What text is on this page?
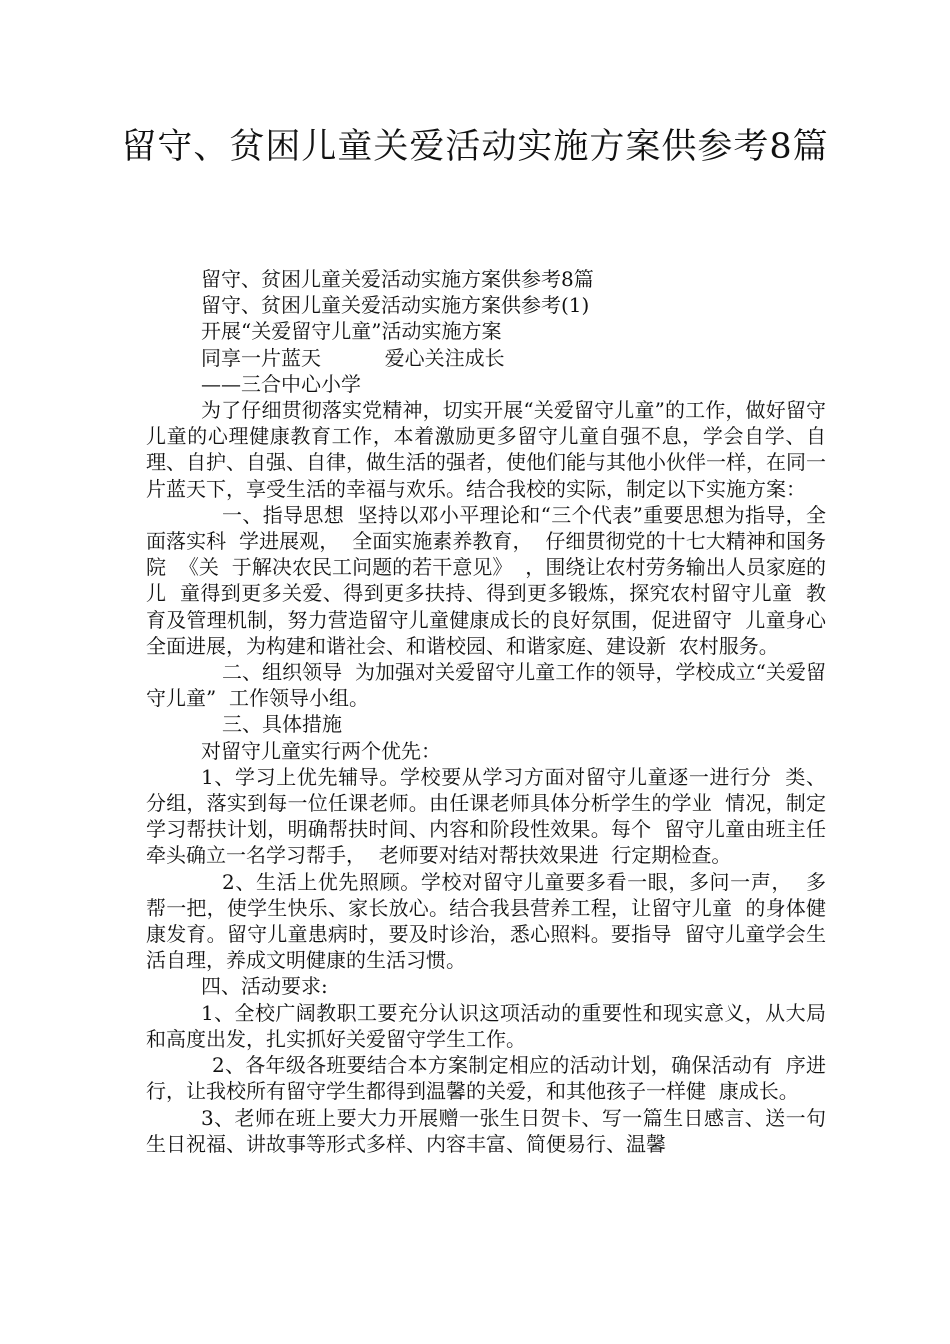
留守、贫困儿童关爱活动实施方案供参考8篇

留守、贫困儿童关爱活动实施方案供参考8篇

留守、贫困儿童关爱活动实施方案供参考(1)

开展“关爱留守儿童”活动实施方案

同享一片蓝天          爱心关注成长

——三合中心小学

为了仔细贯彻落实党精神，切实开展“关爱留守儿童”的工作，做好留守儿童的心理健康教育工作，本着激励更多留守儿童自强不息，学会自学、自理、自护、自强、自律，做生活的强者，使他们能与其他小伙伴一样，在同一片蓝天下，享受生活的幸福与欢乐。结合我校的实际，制定以下实施方案：

一、指导思想  坚持以邓小平理论和“三个代表”重要思想为指导，全面落实科  学进展观，  全面实施素养教育，  仔细贯彻党的十七大精神和国务院  《关  于解决农民工问题的若干意见》  ，围绕让农村劳务输出人员家庭的儿  童得到更多关爱、得到更多扶持、得到更多锻炼，探究农村留守儿童  教育及管理机制，努力营造留守儿童健康成长的良好氛围，促进留守  儿童身心全面进展，为构建和谐社会、和谐校园、和谐家庭、建设新  农村服务。

二、组织领导  为加强对关爱留守儿童工作的领导，学校成立“关爱留守儿童”  工作领导小组。

三、具体措施

对留守儿童实行两个优先：

1、学习上优先辅导。学校要从学习方面对留守儿童逐一进行分  类、分组，落实到每一位任课老师。由任课老师具体分析学生的学业  情况，制定学习帮扶计划，明确帮扶时间、内容和阶段性效果。每个  留守儿童由班主任牵头确立一名学习帮手，  老师要对结对帮扶效果进  行定期检查。

2、生活上优先照顾。学校对留守儿童要多看一眼，多问一声，  多帮一把，使学生快乐、家长放心。结合我县营养工程，让留守儿童  的身体健康发育。留守儿童患病时，要及时诊治，悉心照料。要指导  留守儿童学会生活自理，养成文明健康的生活习惯。

四、活动要求:

1、全校广阔教职工要充分认识这项活动的重要性和现实意义，从大局和高度出发，扎实抓好关爱留守学生工作。

2、各年级各班要结合本方案制定相应的活动计划，确保活动有  序进行，让我校所有留守学生都得到温馨的关爱，和其他孩子一样健  康成长。

3、老师在班上要大力开展赠一张生日贺卡、写一篇生日感言、送一句生日祝福、讲故事等形式多样、内容丰富、简便易行、温馨
